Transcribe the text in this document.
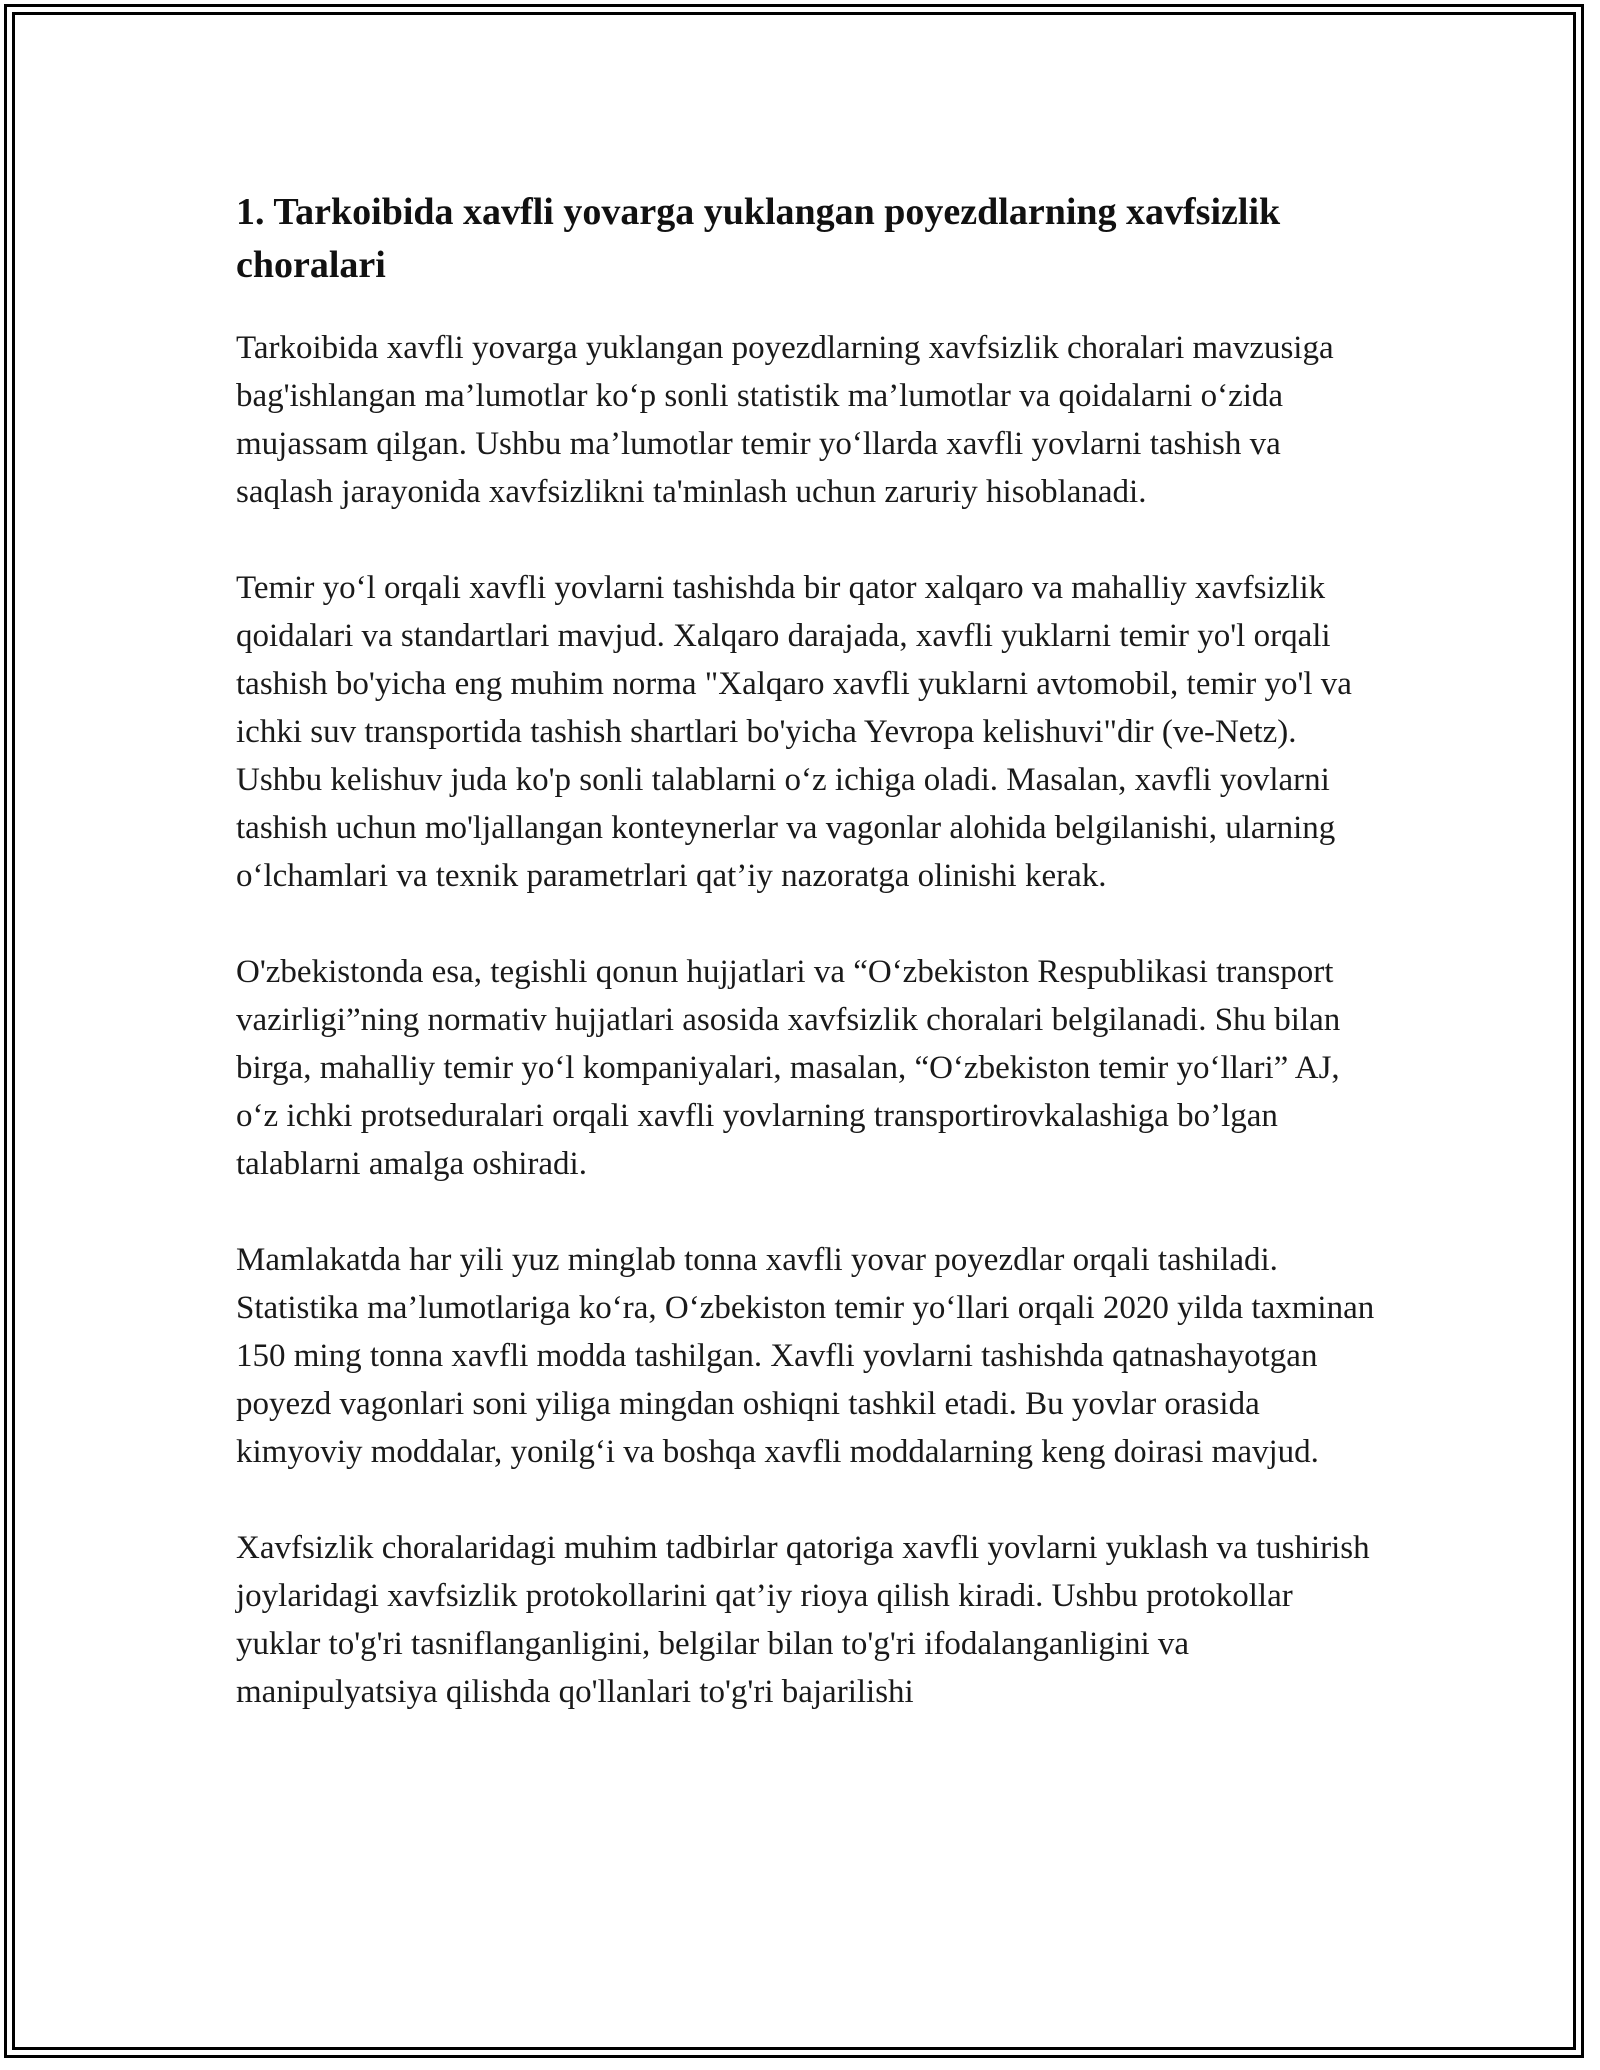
1. Tarkoibida xavfli yovarga yuklangan poyezdlarning xavfsizlik choralari

Tarkoibida xavfli yovarga yuklangan poyezdlarning xavfsizlik choralari mavzusiga bag'ishlangan ma’lumotlar ko‘p sonli statistik ma’lumotlar va qoidalarni o‘zida mujassam qilgan. Ushbu ma’lumotlar temir yo‘llarda xavfli yovlarni tashish va saqlash jarayonida xavfsizlikni ta'minlash uchun zaruriy hisoblanadi.

Temir yo‘l orqali xavfli yovlarni tashishda bir qator xalqaro va mahalliy xavfsizlik qoidalari va standartlari mavjud. Xalqaro darajada, xavfli yuklarni temir yo'l orqali tashish bo'yicha eng muhim norma "Xalqaro xavfli yuklarni avtomobil, temir yo'l va ichki suv transportida tashish shartlari bo'yicha Yevropa kelishuvi"dir (ve-Netz). Ushbu kelishuv juda ko'p sonli talablarni o‘z ichiga oladi. Masalan, xavfli yovlarni tashish uchun mo'ljallangan konteynerlar va vagonlar alohida belgilanishi, ularning o‘lchamlari va texnik parametrlari qat’iy nazoratga olinishi kerak.

O'zbekistonda esa, tegishli qonun hujjatlari va “O‘zbekiston Respublikasi transport vazirligi”ning normativ hujjatlari asosida xavfsizlik choralari belgilanadi. Shu bilan birga, mahalliy temir yo‘l kompaniyalari, masalan, “O‘zbekiston temir yo‘llari” AJ, o‘z ichki protseduralari orqali xavfli yovlarning transportirovkalashiga bo’lgan talablarni amalga oshiradi.

Mamlakatda har yili yuz minglab tonna xavfli yovar poyezdlar orqali tashiladi. Statistika ma’lumotlariga ko‘ra, O‘zbekiston temir yo‘llari orqali 2020 yilda taxminan 150 ming tonna xavfli modda tashilgan. Xavfli yovlarni tashishda qatnashayotgan poyezd vagonlari soni yiliga mingdan oshiqni tashkil etadi. Bu yovlar orasida kimyoviy moddalar, yonilg‘i va boshqa xavfli moddalarning keng doirasi mavjud.

Xavfsizlik choralaridagi muhim tadbirlar qatoriga xavfli yovlarni yuklash va tushirish joylaridagi xavfsizlik protokollarini qat’iy rioya qilish kiradi. Ushbu protokollar yuklar to'g'ri tasniflanganligini, belgilar bilan to'g'ri ifodalanganligini va manipulyatsiya qilishda qo'llanlari to'g'ri bajarilishi
